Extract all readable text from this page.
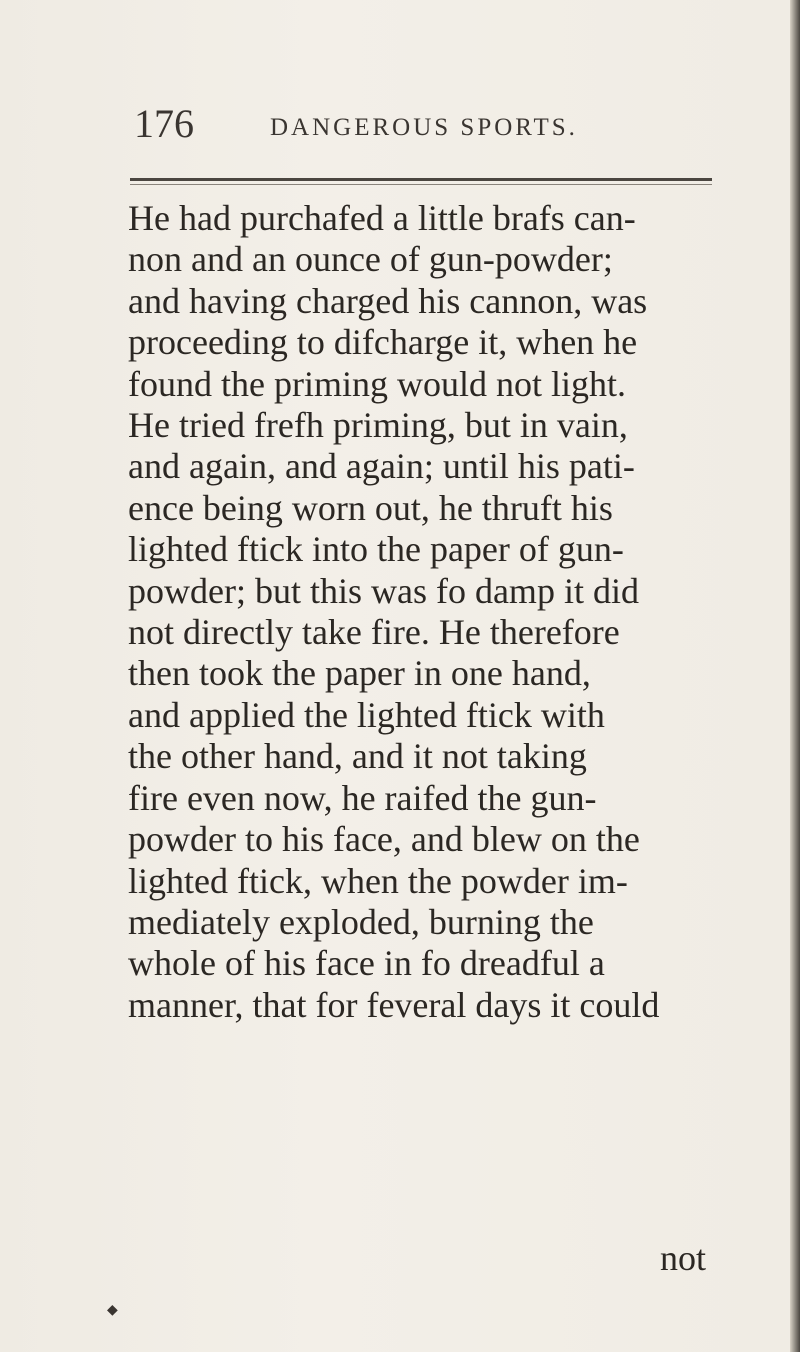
176	DANGEROUS SPORTS.
He had purchafed a little brafs can-
non and an ounce of gun-powder;
and having charged his cannon, was
proceeding to difcharge it, when he
found the priming would not light.
He tried frefh priming, but in vain,
and again, and again; until his pati-
ence being worn out, he thruft his
lighted ftick into the paper of gun-
powder; but this was fo damp it did
not directly take fire. He therefore
then took the paper in one hand,
and applied the lighted ftick with
the other hand, and it not taking
fire even now, he raifed the gun-
powder to his face, and blew on the
lighted ftick, when the powder im-
mediately exploded, burning the
whole of his face in fo dreadful a
manner, that for feveral days it could
not
◆
